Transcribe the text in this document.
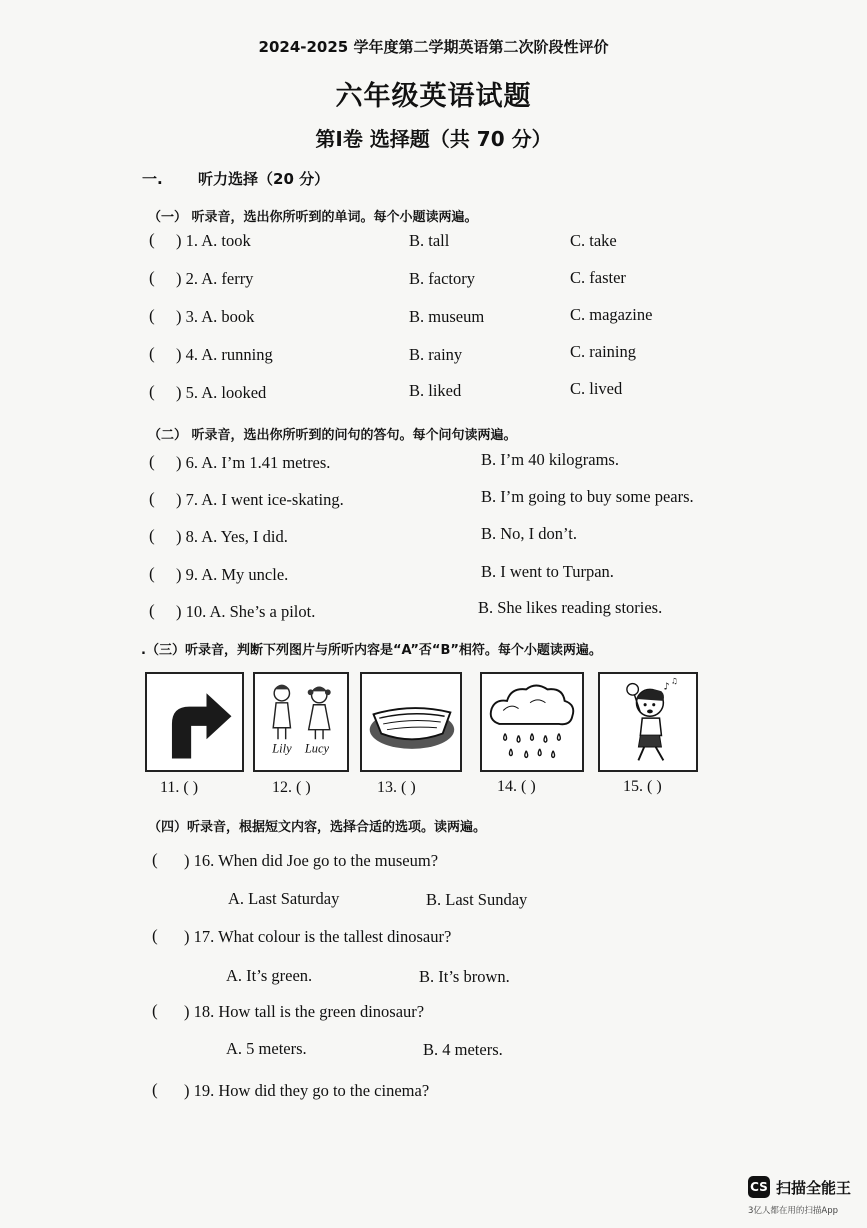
2024-2025 学年度第二学期英语第二次阶段性评价
六年级英语试题
第Ⅰ卷 选择题（共 70 分）
一. 听力选择（20 分）
（一） 听录音，选出你所听到的单词。每个小题读两遍。
( ) 1. A. took	B. tall	C. take
( ) 2. A. ferry	B. factory	C. faster
( ) 3. A. book	B. museum	C. magazine
( ) 4. A. running	B. rainy	C. raining
( ) 5. A. looked	B. liked	C. lived
（二） 听录音，选出你所听到的问句的答句。每个问句读两遍。
( ) 6. A. I’m 1.41 metres.	B. I’m 40 kilograms.
( ) 7. A. I went ice-skating.	B. I’m going to buy some pears.
( ) 8. A. Yes, I did.	B. No, I don’t.
( ) 9. A. My uncle.	B. I went to Turpan.
( ) 10. A. She’s a pilot.	B. She likes reading stories.
.（三）听录音，判断下列图片与所听内容是“A”否“B”相符。每个小题读两遍。
Lily Lucy
♪
♫
11. ( )	12. ( )	13. ( )	14. ( )	15. ( )
（四）听录音，根据短文内容，选择合适的选项。读两遍。
( ) 16. When did Joe go to the museum?
A. Last Saturday	B. Last Sunday
( ) 17. What colour is the tallest dinosaur?
A. It’s green.	B. It’s brown.
( ) 18. How tall is the green dinosaur?
A. 5 meters.	B. 4 meters.
( ) 19. How did they go to the cinema?
CS 扫描全能王
3亿人都在用的扫描App
